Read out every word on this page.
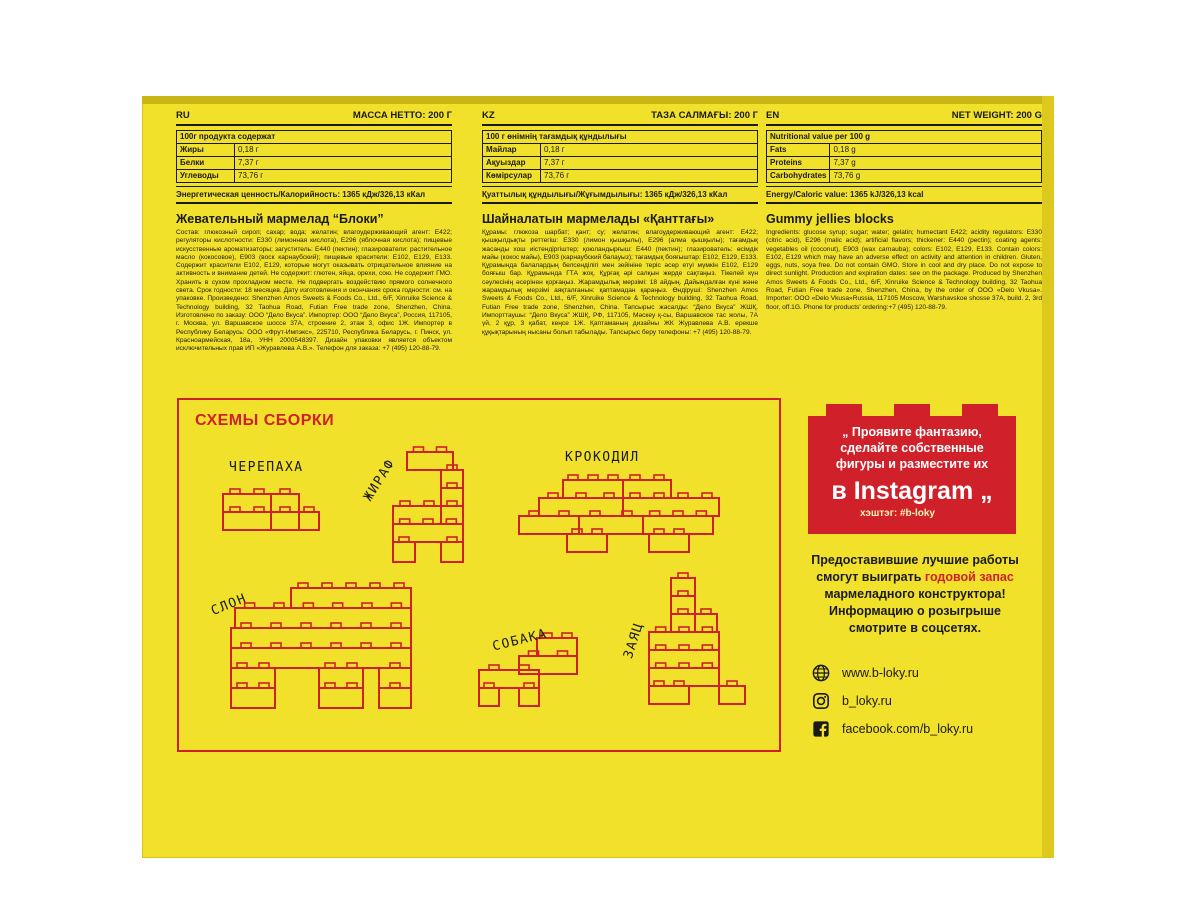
RU	МАССА НЕТТО: 200 Г
100г продукта содержат	
Жиры	0,18 г
Белки	7,37 г
Углеводы	73,76 г
Энергетическая ценность/Калорийность: 1365 кДж/326,13 кКал
Жевательный мармелад “Блоки”
Состав: глюкозный сироп; сахар; вода; желатин; влагоудерживающий агент: E422; регуляторы кислотности: E330 (лимонная кислота), E296 (яблочная кислота); пищевые искусственные ароматизаторы; загуститель: E440 (пектин); глазирователи: растительное масло (кокосовое), E903 (воск карнаубский); пищевые красители: E102, E129, E133. Содержит красители E102, E129, которые могут оказывать отрицательное влияние на активность и внимание детей. Не содержит: глютен, яйца, орехи, сою. Не содержит ГМО. Хранить в сухом прохладном месте. Не подвергать воздействию прямого солнечного света. Срок годности: 18 месяцев. Дату изготовления и окончания срока годности: см. на упаковке. Произведено: Shenzhen Amos Sweets & Foods Co., Ltd., 6/F, Xinruike Science & Technology building, 32 Taohua Road, Futian Free trade zone, Shenzhen, China. Изготовлено по заказу: ООО “Дело Вкуса”. Импортер: ООО “Дело Вкуса”, Россия, 117105, г. Москва, ул. Варшавское шоссе 37А, строение 2, этаж 3, офис 1Ж. Импортер в Республику Беларусь: ООО «Фрут-Импэкс», 225710, Республика Беларусь, г. Пинск, ул. Красноармейская, 18а, УНН 200054839​7. Дизайн упаковки является объектом исключительных прав ИП «Журавлева А.В.». Телефон для заказа: +7 (495) 120-88-79.
KZ	ТАЗА САЛМАҒЫ: 200 Г
100 г өнімнің тағамдық құндылығы	
Майлар	0,18 г
Ақуыздар	7,37 г
Көмірсулар	73,76 г
Қуаттылық құндылығы/Жұғымдылығы: 1365 кДж/326,13 кКал
Шайналатын мармелады «Қанттағы»
Құрамы: глюкоза шарбат; қант; су; желатин; влагоудерживающий агент: E422; қышқылдықты реттегіш: E330 (лимон қышқылы), E296 (алма қышқылы); тағамдық жасанды хош иістендіргіштер; қоюландырғыш: E440 (пектин); глазирователь: өсімдік майы (кокос майы), E903 (карнаубский балауыз); тағамдық бояғыштар: E102, E129, E133. Құрамында балалардың белсенділігі мен зейініне теріс әсер етуі мүмкін E102, E129 бояғыш бар. Құрамында ГТА жоқ. Құрғақ әрі салқын жерде сақтаңыз. Тікелей күн сәулесінің әсерінен қорғаңыз. Жарамдылық мерзімі: 18 айдың. Дайындалған күні және жарамдылық мерзімі аяқталғанын: қаптамадан қараңыз. Өндіруші: Shenzhen Amos Sweets & Foods Co., Ltd., 6/F, Xinruike Science & Technology building, 32 Taohua Road, Futian Free trade zone, Shenzhen, China. Тапсырыс жасалды: “Дело Вкуса” ЖШҚ. Импорттаушы: “Дело Вкуса” ЖШҚ, РФ, 117105, Мәскеу қ-сы, Варшавское тас жолы, 7А үй, 2 құр, 3 қабат, кеңсе 1Ж. Қаптаманың дизайны ЖК Журавлева А.В. ерекше құқықтарының нысаны болып табылады. Тапсырыс беру телефоны: +7 (495) 120-88-79.
EN	NET WEIGHT: 200 G
Nutritional value per 100 g	
Fats	0,18 g
Proteins	7,37 g
Carbohydrates	73,76 g
Energy/Caloric value: 1365 kJ/326,13 kcal
Gummy jellies blocks
Ingredients: glucose syrup; sugar; water; gelatin; humectant E422; acidity regulators: E330 (citric acid), E296 (malic acid); artificial flavors; thickener: E440 (pectin); coating agents: vegetables oil (coconut), E903 (wax carnauba); colors: E102, E129, E133. Contain colors: E102, E129 which may have an adverse effect on activity and attention in children. Gluten, eggs, nuts, soya free. Do not contain GMO. Store in cool and dry place. Do not expose to direct sunlight. Production and expiration dates: see on the package. Produced by Shenzhen Amos Sweets & Foods Co., Ltd., 6/F, Xinruike Science & Technology building, 32 Taohua Road, Futian Free trade zone, Shenzhen, China, by the order of OOO «Delo Vkusa». Importer: OOO «Delo Vkusa»Russia, 117105 Moscow, Warshavskoe shosse 37A, build. 2, 3rd floor, off.1G. Phone for products' ordering:+7 (495) 120-88-79.
СХЕМЫ СБОРКИ
ЧЕРЕПАХА	ЖИРАФ	КРОКОДИЛ
СЛОН
СОБАКА	ЗАЯЦ
„ Проявите фантазию,
сделайте собственные
фигуры и разместите их
в Instagram „
хэштэг: #b-loky
Предоставившие лучшие работы смогут выиграть годовой запас мармеладного конструктора! Информацию о розыгрыше смотрите в соцсетях.
www.b-loky.ru
b_loky.ru
facebook.com/b_loky.ru
